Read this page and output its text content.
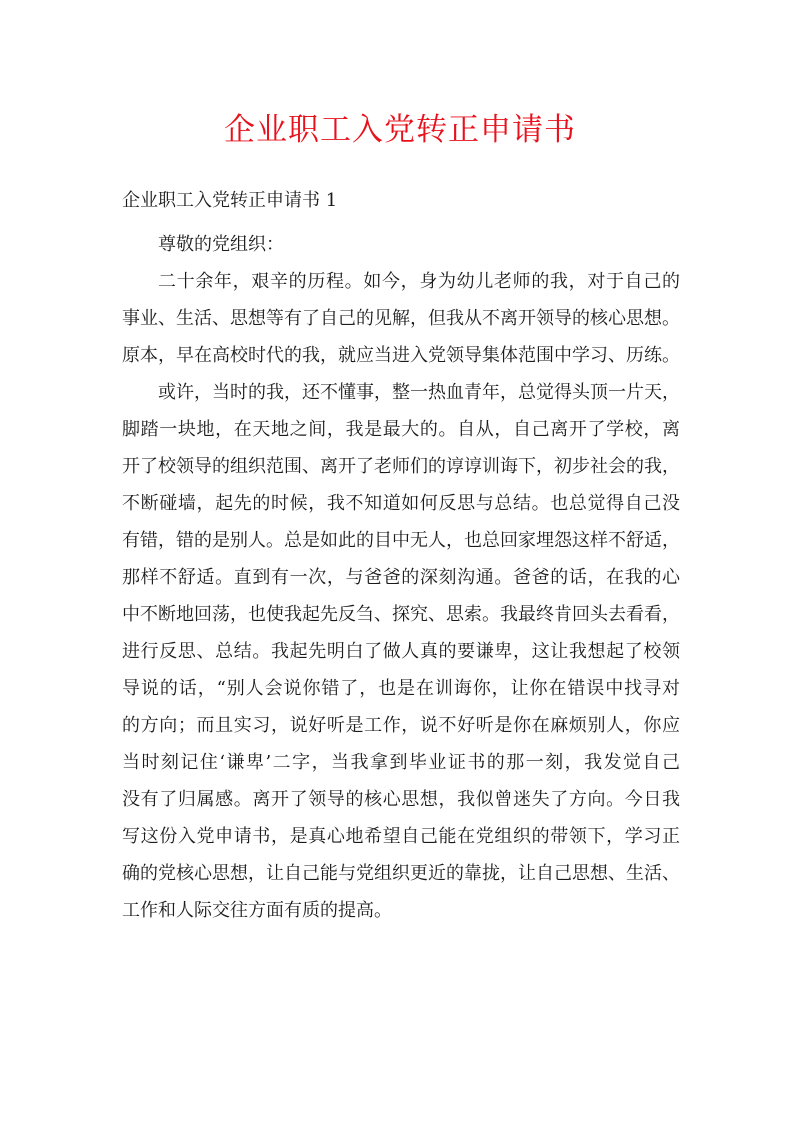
企业职工入党转正申请书
企业职工入党转正申请书 1

尊敬的党组织：

二十余年，艰辛的历程。如今，身为幼儿老师的我，对于自己的
事业、生活、思想等有了自己的见解，但我从不离开领导的核心思想。
原本，早在高校时代的我，就应当进入党领导集体范围中学习、历练。

或许，当时的我，还不懂事，整一热血青年，总觉得头顶一片天，
脚踏一块地，在天地之间，我是最大的。自从，自己离开了学校，离
开了校领导的组织范围、离开了老师们的谆谆训诲下，初步社会的我，
不断碰墙，起先的时候，我不知道如何反思与总结。也总觉得自己没
有错，错的是别人。总是如此的目中无人，也总回家埋怨这样不舒适，
那样不舒适。直到有一次，与爸爸的深刻沟通。爸爸的话，在我的心
中不断地回荡，也使我起先反刍、探究、思索。我最终肯回头去看看，
进行反思、总结。我起先明白了做人真的要谦卑，这让我想起了校领
导说的话，“别人会说你错了，也是在训诲你，让你在错误中找寻对
的方向；而且实习，说好听是工作，说不好听是你在麻烦别人，你应
当时刻记住‘谦卑’二字，当我拿到毕业证书的那一刻，我发觉自己
没有了归属感。离开了领导的核心思想，我似曾迷失了方向。今日我
写这份入党申请书，是真心地希望自己能在党组织的带领下，学习正
确的党核心思想，让自己能与党组织更近的靠拢，让自己思想、生活、
工作和人际交往方面有质的提高。
